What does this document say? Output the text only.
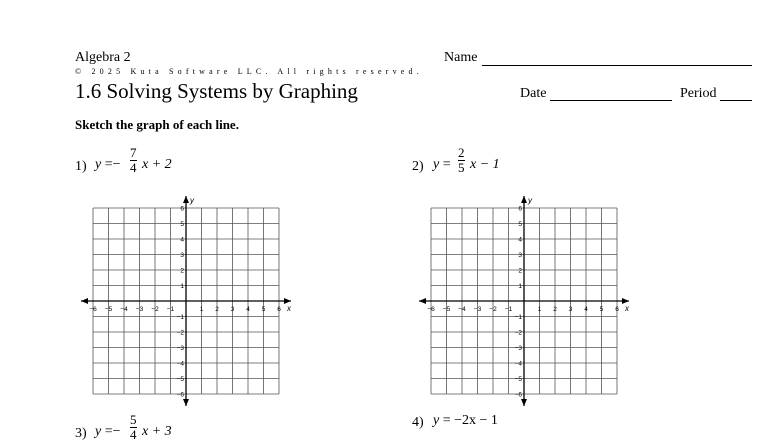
Algebra 2
© 2025 Kuta Software LLC. All rights reserved.
Name
1.6 Solving Systems by Graphing	Date	Period
Sketch the graph of each line.
1) $y =- \frac{7}{4}$ x + 2	2) $y = \frac{2}{5}$ x − 1
3) $y =- \frac{5}{4}$ x + 3
4) y = −2x − 1
−6 −5 −4 −3 −2 −1	1 2 3 4 5 6
6
5
4
3
2
1
−1
−2
−3
−4
−5
−6
x
y
−6 −5 −4 −3 −2 −1	1 2 3 4 5 6
6
5
4
3
2
1
−1
−2
−3
−4
−5
−6
x
y
